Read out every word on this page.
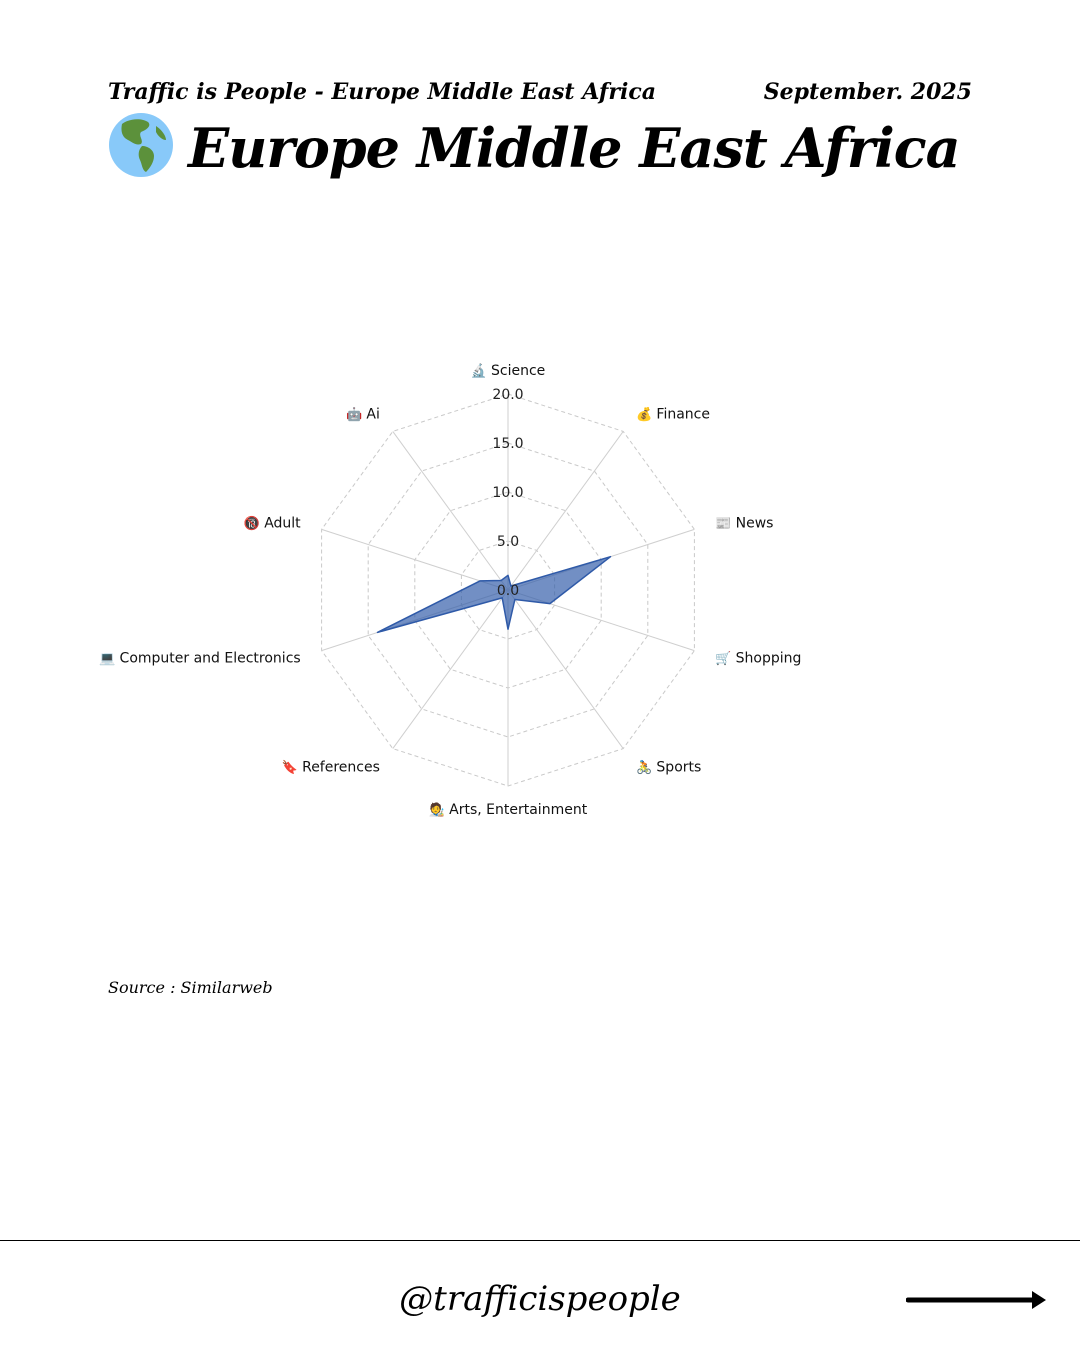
Traffic is People - Europe Middle East Africa	September. 2025
Europe Middle East Africa
0.0
5.0
10.0
15.0
20.0
🔬 Science
💰 Finance
📰 News
🛒 Shopping
🚴 Sports
🧑‍🎨 Arts, Entertainment
🔖 References
💻 Computer and Electronics
🔞 Adult
🤖 Ai
Source : Similarweb
@trafficispeople
